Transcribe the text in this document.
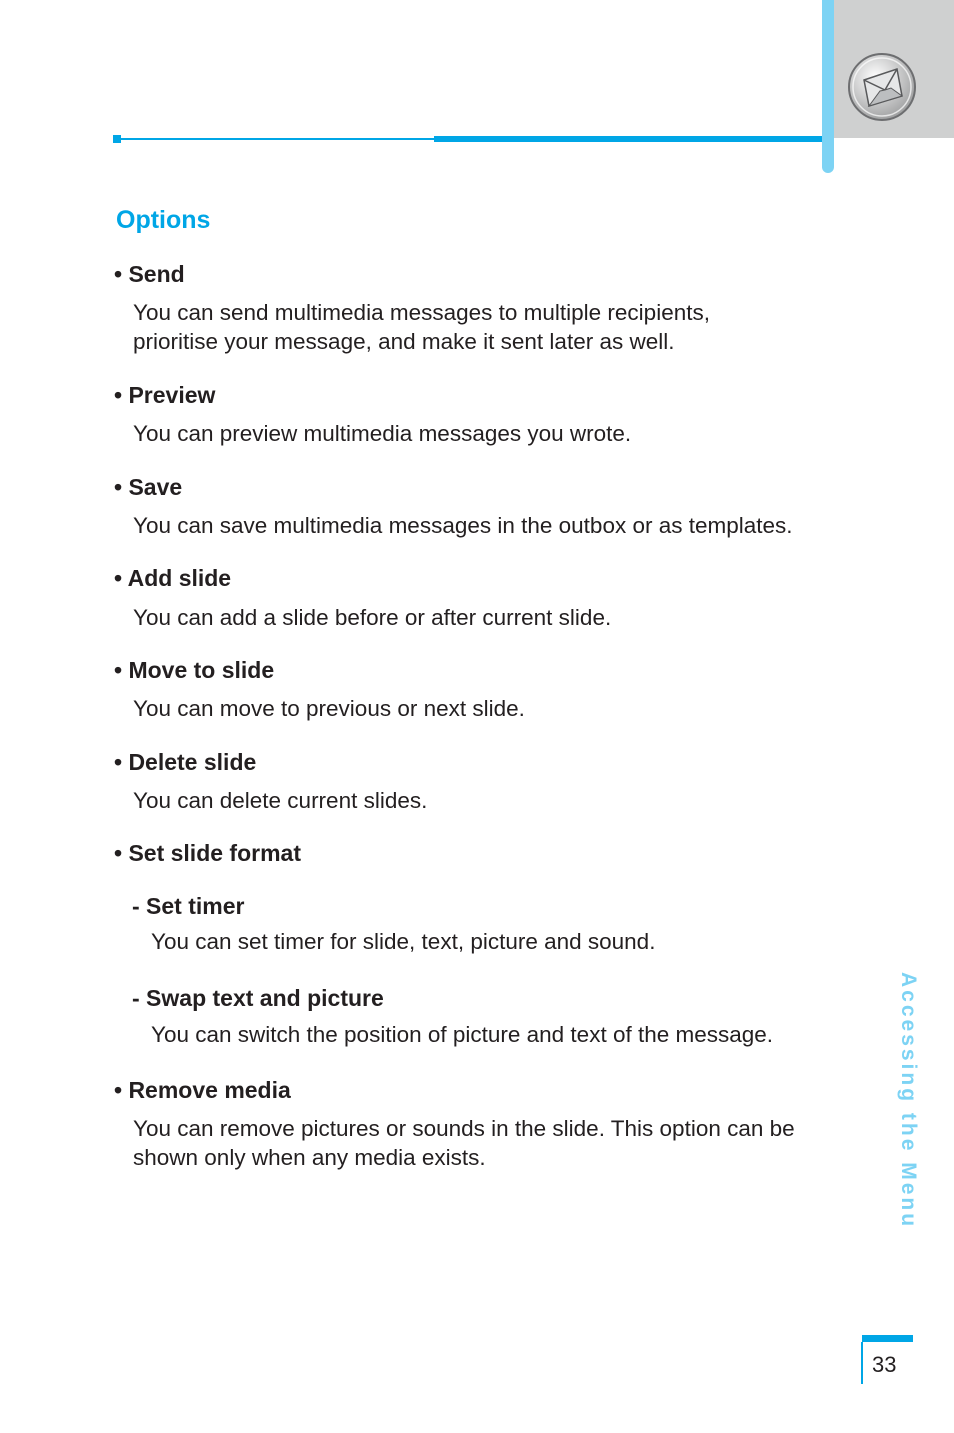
Options

• Send

You can send multimedia messages to multiple recipients,

prioritise your message, and make it sent later as well.

• Preview

You can preview multimedia messages you wrote.

• Save

You can save multimedia messages in the outbox or as templates.

• Add slide

You can add a slide before or after current slide.

• Move to slide

You can move to previous or next slide.

• Delete slide

You can delete current slides.

• Set slide format

- Set timer

You can set timer for slide, text, picture and sound.

- Swap text and picture

You can switch the position of picture and text of the message.

• Remove media

You can remove pictures or sounds in the slide. This option can be

shown only when any media exists.	Accessing the Menu
33
